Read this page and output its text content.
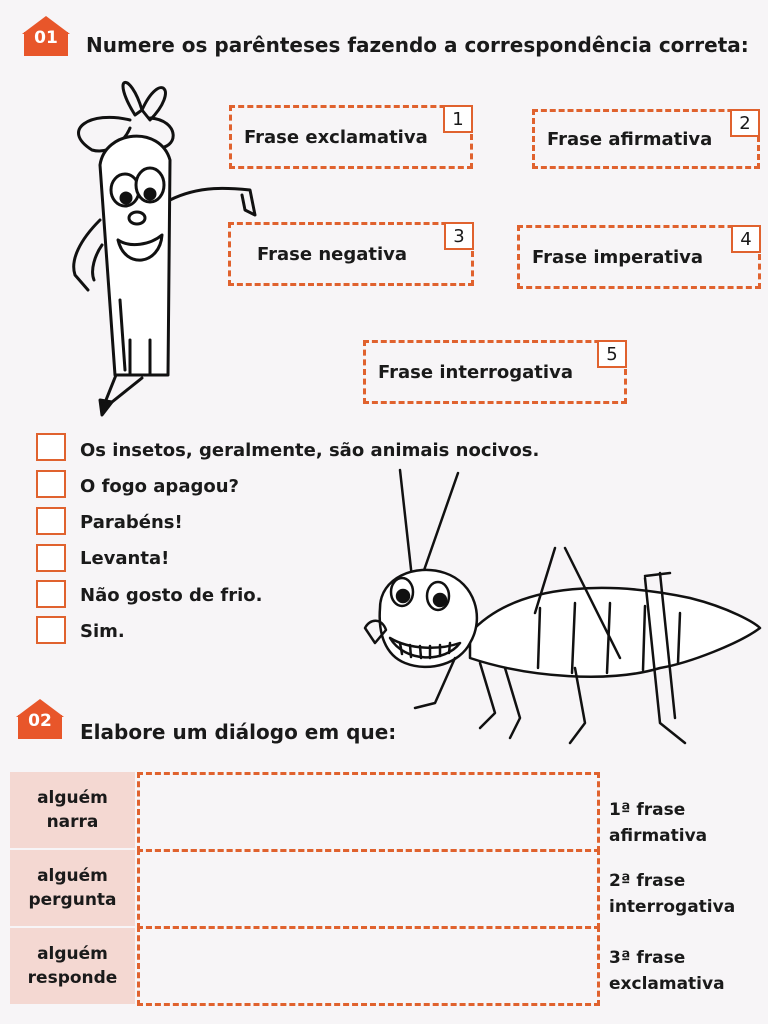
01	Numere os parênteses fazendo a correspondência correta:
Frase exclamativa
1
Frase afirmativa
2
Frase negativa
3
Frase imperativa
4
Frase interrogativa
5
Os insetos, geralmente, são animais nocivos.
O fogo apagou?
Parabéns!
Levanta!
Não gosto de frio.
Sim.
02	Elabore um diálogo em que:
alguém
narra
1ª frase
afirmativa
alguém
pergunta
2ª frase
interrogativa
alguém
responde
3ª frase
exclamativa
